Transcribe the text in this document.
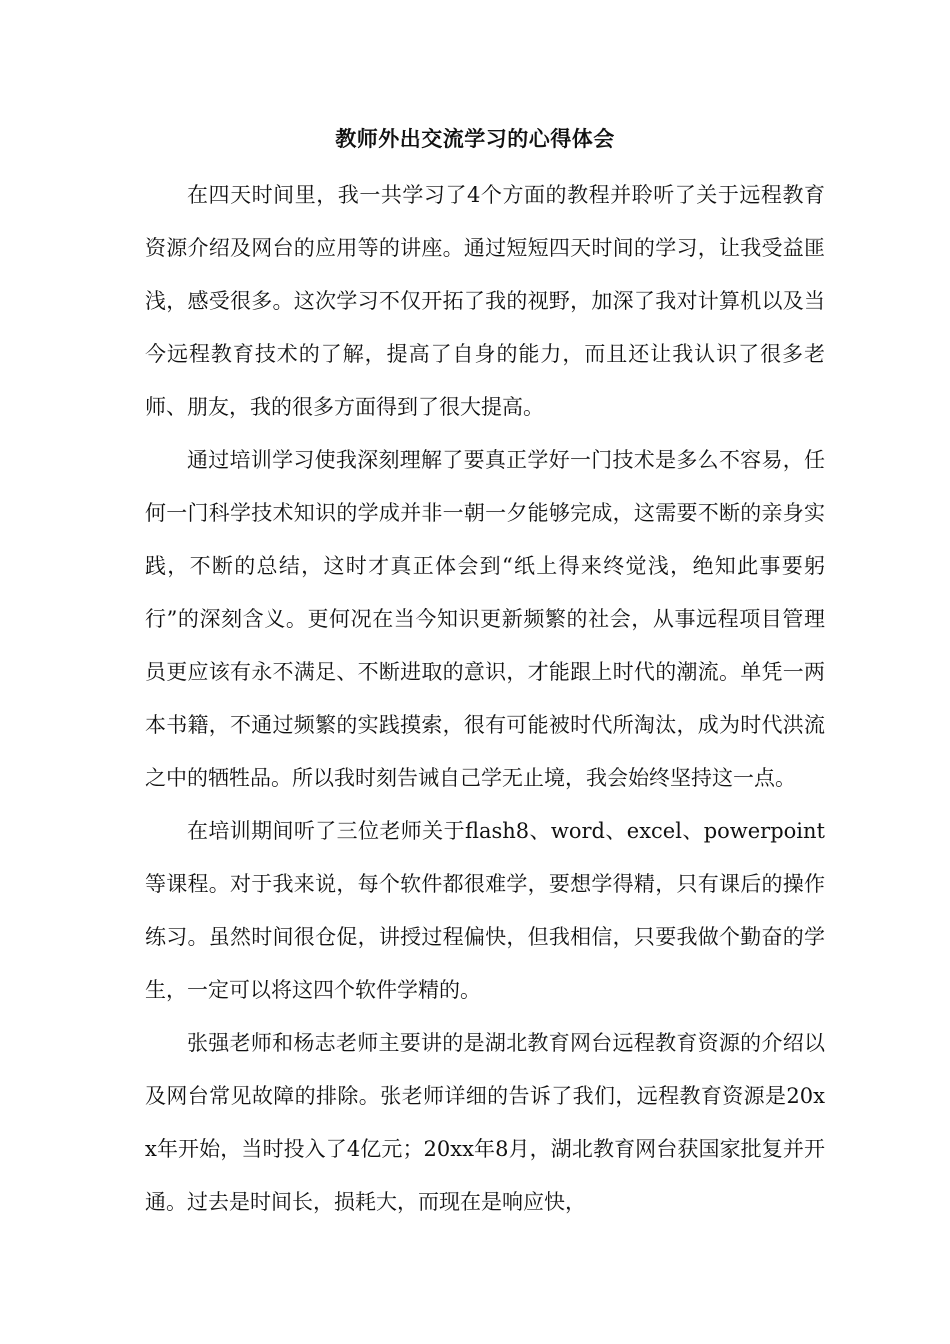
教师外出交流学习的心得体会

在四天时间里，我一共学习了4个方面的教程并聆听了关于远程教育资源介绍及网台的应用等的讲座。通过短短四天时间的学习，让我受益匪浅，感受很多。这次学习不仅开拓了我的视野，加深了我对计算机以及当今远程教育技术的了解，提高了自身的能力，而且还让我认识了很多老师、朋友，我的很多方面得到了很大提高。

通过培训学习使我深刻理解了要真正学好一门技术是多么不容易，任何一门科学技术知识的学成并非一朝一夕能够完成，这需要不断的亲身实践，不断的总结，这时才真正体会到“纸上得来终觉浅，绝知此事要躬行”的深刻含义。更何况在当今知识更新频繁的社会，从事远程项目管理员更应该有永不满足、不断进取的意识，才能跟上时代的潮流。单凭一两本书籍，不通过频繁的实践摸索，很有可能被时代所淘汰，成为时代洪流之中的牺牲品。所以我时刻告诫自己学无止境，我会始终坚持这一点。

在培训期间听了三位老师关于flash8、word、excel、powerpoint等课程。对于我来说，每个软件都很难学，要想学得精，只有课后的操作练习。虽然时间很仓促，讲授过程偏快，但我相信，只要我做个勤奋的学生，一定可以将这四个软件学精的。

张强老师和杨志老师主要讲的是湖北教育网台远程教育资源的介绍以及网台常见故障的排除。张老师详细的告诉了我们，远程教育资源是20xx年开始，当时投入了4亿元；20xx年8月，湖北教育网台获国家批复并开通。过去是时间长，损耗大，而现在是响应快，
